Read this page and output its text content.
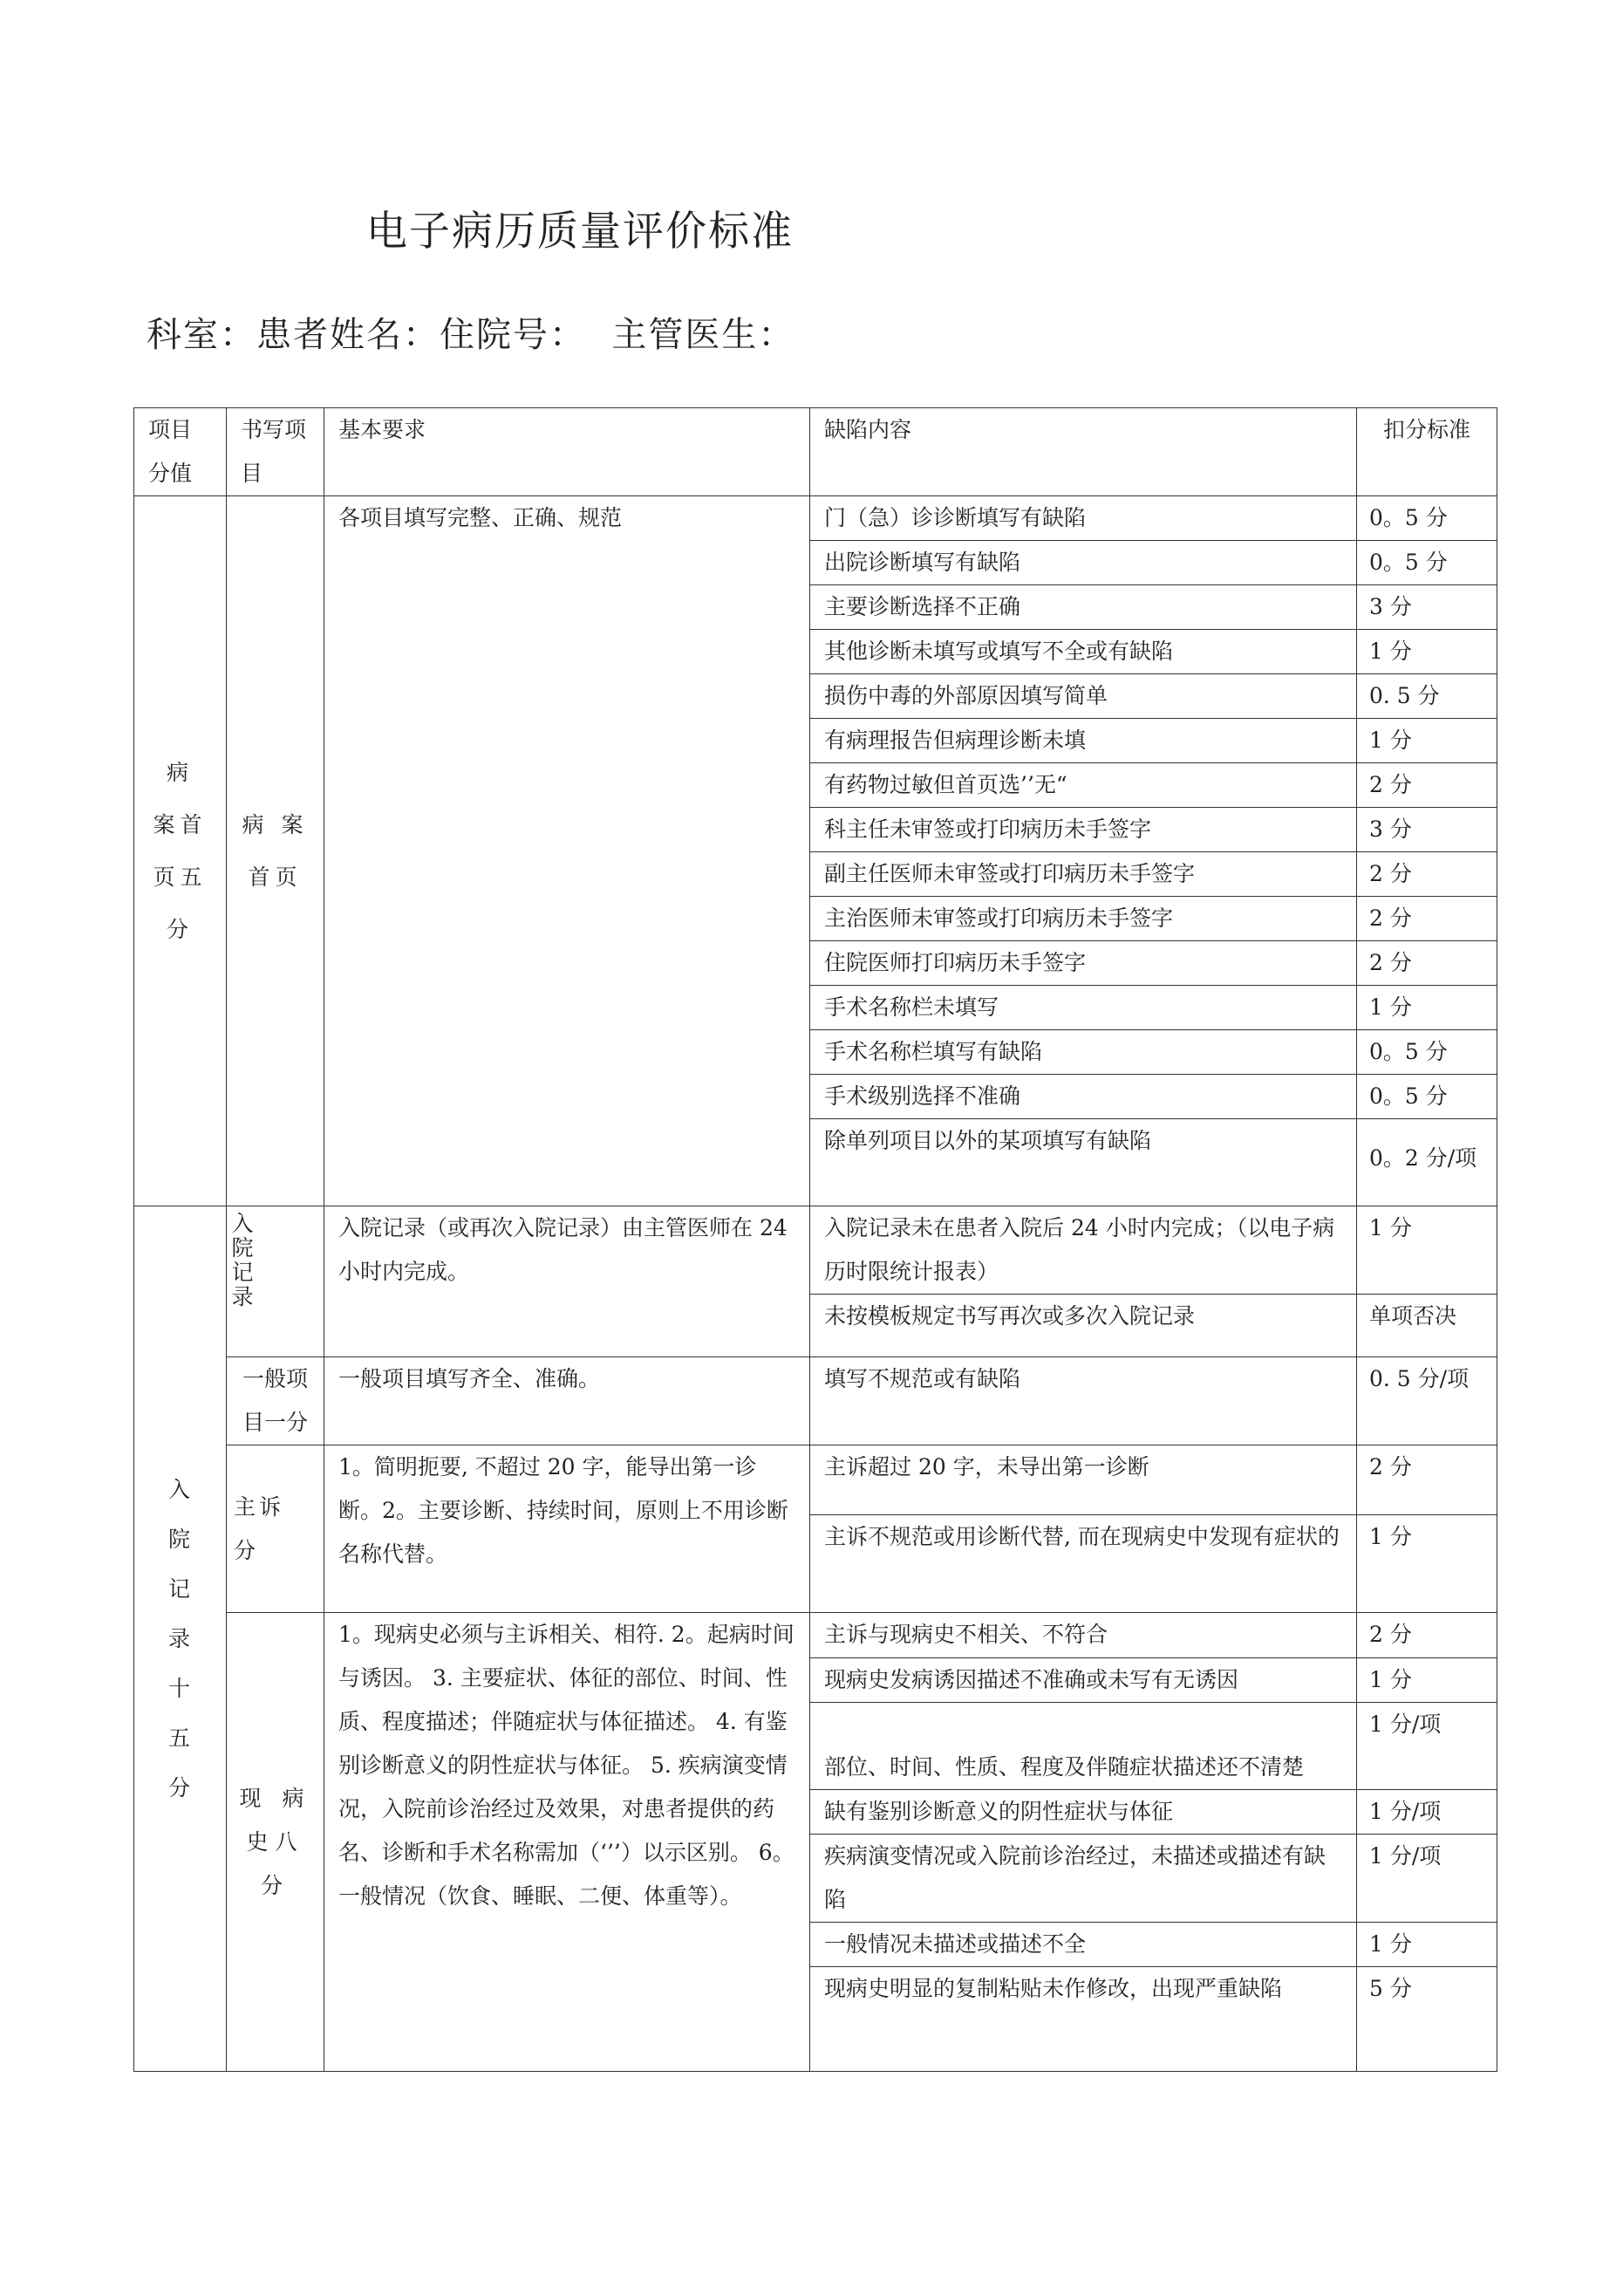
电子病历质量评价标准
科室：患者姓名：住院号：  主管医生：
项目分值	书写项目	基本要求	缺陷内容	扣分标准
病 案首页五分	病 案首页	各项目填写完整、正确、规范	门（急）诊诊断填写有缺陷	0。5 分
			出院诊断填写有缺陷	0。5 分
			主要诊断选择不正确	3 分
			其他诊断未填写或填写不全或有缺陷	1 分
			损伤中毒的外部原因填写简单	0. 5 分
			有病理报告但病理诊断未填	1 分
			有药物过敏但首页选’’无“	2 分
			科主任未审签或打印病历未手签字	3 分
			副主任医师未审签或打印病历未手签字	2 分
			主治医师未审签或打印病历未手签字	2 分
			住院医师打印病历未手签字	2 分
			手术名称栏未填写	1 分
			手术名称栏填写有缺陷	0。5 分
			手术级别选择不准确	0。5 分
			除单列项目以外的某项填写有缺陷	0。2 分/项
入 院 记 录 十 五 分	入院记录	入院记录（或再次入院记录）由主管医师在 24 小时内完成。	入院记录未在患者入院后 24 小时内完成；（以电子病历时限统计报表）	1 分
			未按模板规定书写再次或多次入院记录	单项否决
	一般项目一分	一般项目填写齐全、准确。	填写不规范或有缺陷	0. 5 分/项
	主诉 分	1。简明扼要, 不超过 20 字，能导出第一诊断。2。主要诊断、持续时间，原则上不用诊断名称代替。	主诉超过 20 字，未导出第一诊断	2 分
			主诉不规范或用诊断代替, 而在现病史中发现有症状的	1 分
	现 病史八分	1。现病史必须与主诉相关、相符. 2。起病时间与诱因。 3. 主要症状、体征的部位、时间、性质、程度描述；伴随症状与体征描述。 4. 有鉴别诊断意义的阴性症状与体征。 5. 疾病演变情况，入院前诊治经过及效果，对患者提供的药名、诊断和手术名称需加（‘’’）以示区别。 6。一般情况（饮食、睡眠、二便、体重等）。	主诉与现病史不相关、不符合	2 分
			现病史发病诱因描述不准确或未写有无诱因	1 分
			部位、时间、性质、程度及伴随症状描述还不清楚	1 分/项
			缺有鉴别诊断意义的阴性症状与体征	1 分/项
			疾病演变情况或入院前诊治经过，未描述或描述有缺陷	1 分/项
			一般情况未描述或描述不全	1 分
			现病史明显的复制粘贴未作修改，出现严重缺陷	5 分
